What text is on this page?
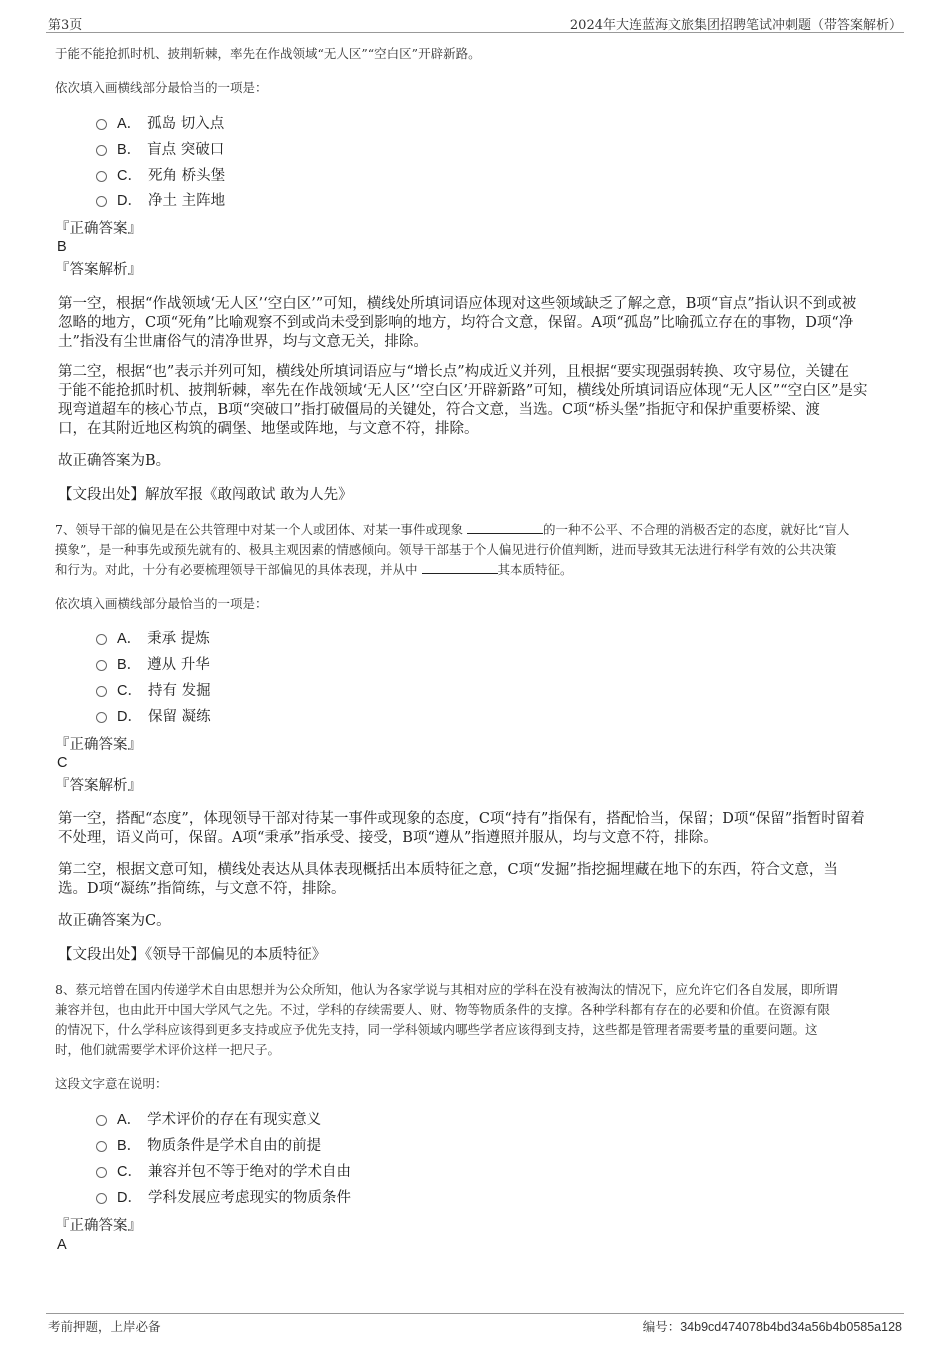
第3页	2024年大连蓝海文旅集团招聘笔试冲刺题（带答案解析）
于能不能抢抓时机、披荆斩棘，率先在作战领域“无人区”“空白区”开辟新路。
依次填入画横线部分最恰当的一项是：
A． 孤岛 切入点
B． 盲点 突破口
C． 死角 桥头堡
D． 净土 主阵地
『正确答案』
B
『答案解析』
第一空，根据“作战领域‘无人区’‘空白区’”可知，横线处所填词语应体现对这些领域缺乏了解之意，B项“盲点”指认识不到或被
忽略的地方，C项“死角”比喻观察不到或尚未受到影响的地方，均符合文意，保留。A项“孤岛”比喻孤立存在的事物，D项“净
土”指没有尘世庸俗气的清净世界，均与文意无关，排除。
第二空，根据“也”表示并列可知，横线处所填词语应与“增长点”构成近义并列，且根据“要实现强弱转换、攻守易位，关键在
于能不能抢抓时机、披荆斩棘，率先在作战领域‘无人区’‘空白区’开辟新路”可知，横线处所填词语应体现“无人区”“空白区”是实
现弯道超车的核心节点，B项“突破口”指打破僵局的关键处，符合文意，当选。C项“桥头堡”指扼守和保护重要桥梁、渡
口，在其附近地区构筑的碉堡、地堡或阵地，与文意不符，排除。
故正确答案为B。
【文段出处】解放军报《敢闯敢试 敢为人先》
7、领导干部的偏见是在公共管理中对某一个人或团体、对某一事件或现象	的一种不公平、不合理的消极否定的态度，就好比“盲人
摸象”，是一种事先或预先就有的、极具主观因素的情感倾向。领导干部基于个人偏见进行价值判断，进而导致其无法进行科学有效的公共决策
和行为。对此，十分有必要梳理领导干部偏见的具体表现，并从中	其本质特征。
依次填入画横线部分最恰当的一项是：
A． 秉承 提炼
B． 遵从 升华
C． 持有 发掘
D． 保留 凝练
『正确答案』
C
『答案解析』
第一空，搭配“态度”，体现领导干部对待某一事件或现象的态度，C项“持有”指保有，搭配恰当，保留；D项“保留”指暂时留着
不处理，语义尚可，保留。A项“秉承”指承受、接受，B项“遵从”指遵照并服从，均与文意不符，排除。
第二空，根据文意可知，横线处表达从具体表现概括出本质特征之意，C项“发掘”指挖掘埋藏在地下的东西，符合文意，当
选。D项“凝练”指简练，与文意不符，排除。
故正确答案为C。
【文段出处】《领导干部偏见的本质特征》
8、蔡元培曾在国内传递学术自由思想并为公众所知，他认为各家学说与其相对应的学科在没有被淘汰的情况下，应允许它们各自发展，即所谓
兼容并包，也由此开中国大学风气之先。不过，学科的存续需要人、财、物等物质条件的支撑。各种学科都有存在的必要和价值。在资源有限
的情况下，什么学科应该得到更多支持或应予优先支持，同一学科领域内哪些学者应该得到支持，这些都是管理者需要考量的重要问题。这
时，他们就需要学术评价这样一把尺子。
这段文字意在说明：
A． 学术评价的存在有现实意义
B． 物质条件是学术自由的前提
C． 兼容并包不等于绝对的学术自由
D． 学科发展应考虑现实的物质条件
『正确答案』
A
考前押题，上岸必备	编号：34b9cd474078b4bd34a56b4b0585a128
